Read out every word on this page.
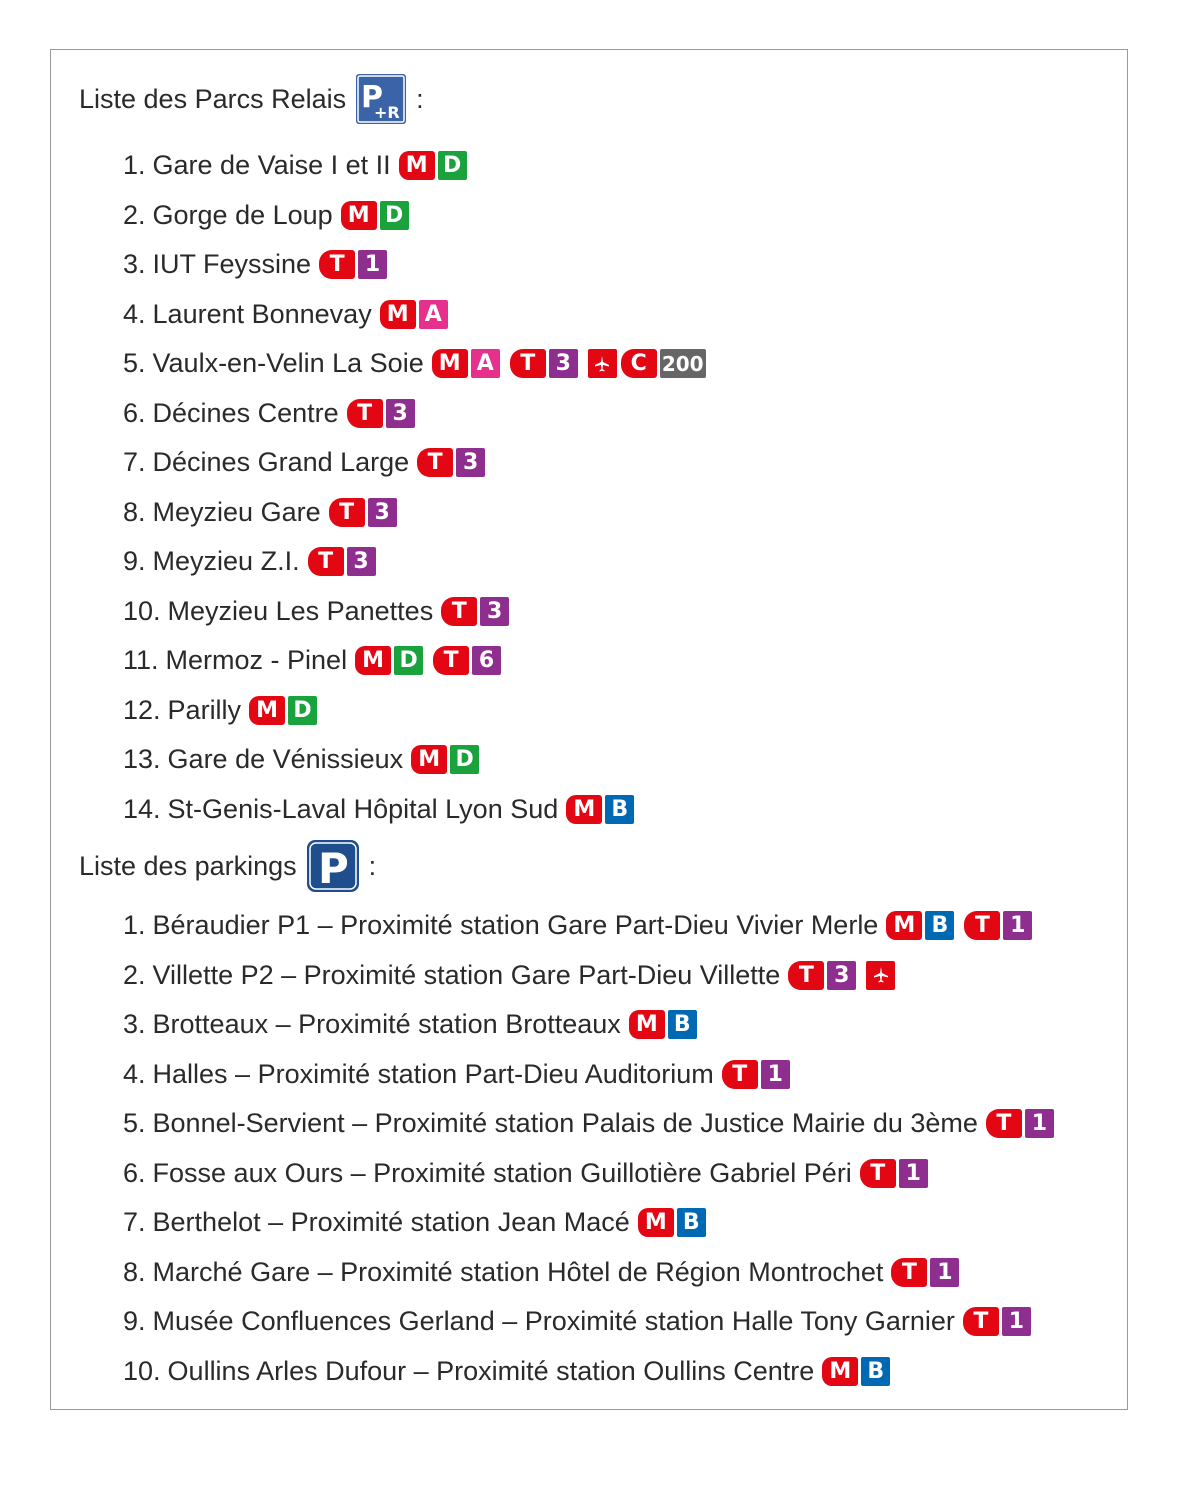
Liste des Parcs Relais P
+R :
1. Gare de Vaise I et II M D
2. Gorge de Loup M D
3. IUT Feyssine T 1
4. Laurent Bonnevay M A
5. Vaulx-en-Velin La Soie M A	T 3	C 200
6. Décines Centre T 3
7. Décines Grand Large T 3
8. Meyzieu Gare T 3
9. Meyzieu Z.I. T 3
10. Meyzieu Les Panettes T 3
11. Mermoz - Pinel M D	T 6
12. Parilly M D
13. Gare de Vénissieux M D
14. St-Genis-Laval Hôpital Lyon Sud M B
Liste des parkings P :
1. Béraudier P1 – Proximité station Gare Part-Dieu Vivier Merle M B	T 1
2. Villette P2 – Proximité station Gare Part-Dieu Villette T 3
3. Brotteaux – Proximité station Brotteaux M B
4. Halles – Proximité station Part-Dieu Auditorium T 1
5. Bonnel-Servient – Proximité station Palais de Justice Mairie du 3ème T 1
6. Fosse aux Ours – Proximité station Guillotière Gabriel Péri T 1
7. Berthelot – Proximité station Jean Macé M B
8. Marché Gare – Proximité station Hôtel de Région Montrochet T 1
9. Musée Confluences Gerland – Proximité station Halle Tony Garnier T 1
10. Oullins Arles Dufour – Proximité station Oullins Centre M B
